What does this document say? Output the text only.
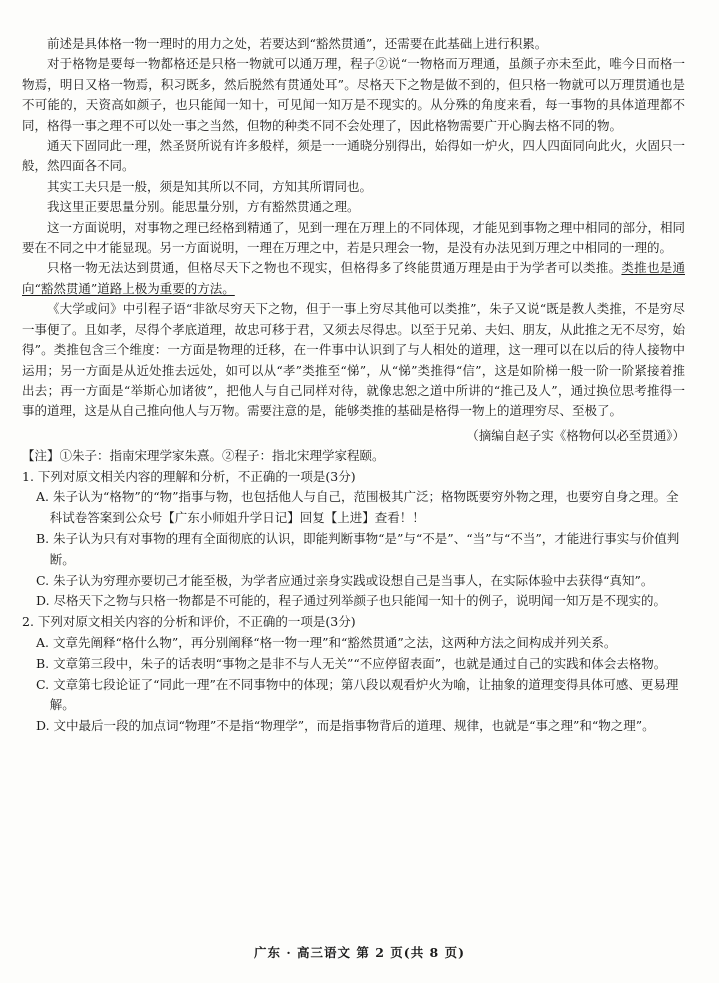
前述是具体格一物一理时的用力之处，若要达到“豁然贯通”，还需要在此基础上进行积累。

对于格物是要每一物都格还是只格一物就可以通万理，程子②说“一物格而万理通，虽颜子亦未至此，唯今日而格一物焉，明日又格一物焉，积习既多，然后脱然有贯通处耳”。尽格天下之物是做不到的，但只格一物就可以万理贯通也是不可能的，天资高如颜子，也只能闻一知十，可见闻一知万是不现实的。从分殊的角度来看，每一事物的具体道理都不同，格得一事之理不可以处一事之当然，但物的种类不同不会处理了，因此格物需要广开心胸去格不同的物。

通天下固同此一理，然圣贤所说有许多般样，须是一一通晓分别得出，始得如一炉火，四人四面同向此火，火固只一般，然四面各不同。

其实工夫只是一般，须是知其所以不同，方知其所谓同也。

我这里正要思量分别。能思量分别，方有豁然贯通之理。

这一方面说明，对事物之理已经格到精通了，见到一理在万理上的不同体现，才能见到事物之理中相同的部分，相同要在不同之中才能显现。另一方面说明，一理在万理之中，若是只理会一物，是没有办法见到万理之中相同的一理的。

只格一物无法达到贯通，但格尽天下之物也不现实，但格得多了终能贯通万理是由于为学者可以类推。类推也是通向“豁然贯通”道路上极为重要的方法。

《大学或问》中引程子语“非欲尽穷天下之物，但于一事上穷尽其他可以类推”，朱子又说“既是教人类推，不是穷尽一事便了。且如孝，尽得个孝底道理，故忠可移于君，又须去尽得忠。以至于兄弟、夫妇、朋友，从此推之无不尽穷，始得”。类推包含三个维度：一方面是物理的迁移，在一件事中认识到了与人相处的道理，这一理可以在以后的待人接物中运用；另一方面是从近处推去远处，如可以从“孝”类推至“悌”，从“悌”类推得“信”，这是如阶梯一般一阶一阶紧接着推出去；再一方面是“举斯心加诸彼”，把他人与自己同样对待，就像忠恕之道中所讲的“推己及人”，通过换位思考推得一事的道理，这是从自己推向他人与万物。需要注意的是，能够类推的基础是格得一物上的道理穷尽、至极了。

（摘编自赵子实《格物何以必至贯通》）

【注】①朱子：指南宋理学家朱熹。②程子：指北宋理学家程颐。

1. 下列对原文相关内容的理解和分析，不正确的一项是(3分)

A. 朱子认为“格物”的“物”指事与物，也包括他人与自己，范围极其广泛；格物既要穷外物之理，也要穷自身之理。全科试卷答案到公众号【广东小师姐升学日记】回复【上进】查看！！

B. 朱子认为只有对事物的理有全面彻底的认识，即能判断事物“是”与“不是”、“当”与“不当”，才能进行事实与价值判断。

C. 朱子认为穷理亦要切己才能至极，为学者应通过亲身实践或设想自己是当事人，在实际体验中去获得“真知”。

D. 尽格天下之物与只格一物都是不可能的，程子通过列举颜子也只能闻一知十的例子，说明闻一知万是不现实的。

2. 下列对原文相关内容的分析和评价，不正确的一项是(3分)

A. 文章先阐释“格什么物”，再分别阐释“格一物一理”和“豁然贯通”之法，这两种方法之间构成并列关系。

B. 文章第三段中，朱子的话表明“事物之是非不与人无关”“不应停留表面”，也就是通过自己的实践和体会去格物。

C. 文章第七段论证了“同此一理”在不同事物中的体现；第八段以观看炉火为喻，让抽象的道理变得具体可感、更易理解。

D. 文中最后一段的加点词“物理”不是指“物理学”，而是指事物背后的道理、规律，也就是“事之理”和“物之理”。

广东 · 高三语文 第 2 页(共 8 页)
